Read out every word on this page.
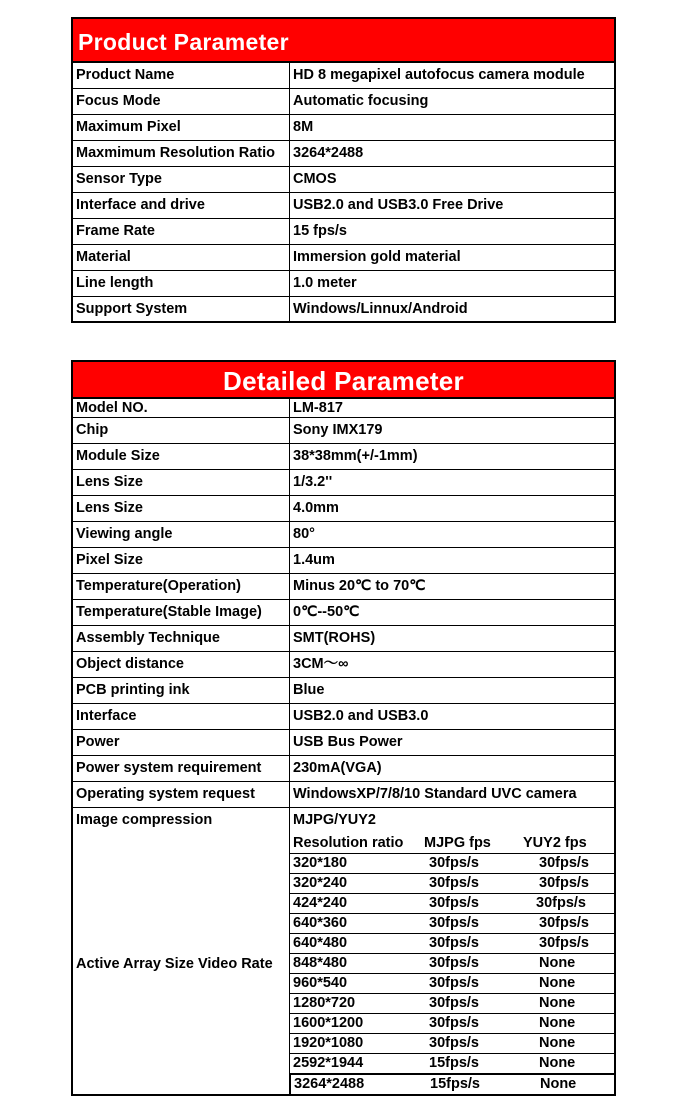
Product Parameter
Product Name	HD 8 megapixel autofocus camera module
Focus Mode	Automatic focusing
Maximum Pixel	8M
Maxmimum Resolution Ratio	3264*2488
Sensor Type	CMOS
Interface and drive	USB2.0 and USB3.0 Free Drive
Frame Rate	15 fps/s
Material	Immersion gold material
Line length	1.0 meter
Support System	Windows/Linnux/Android
Detailed Parameter
Model NO.	LM-817
Chip	Sony IMX179
Module Size	38*38mm(+/-1mm)
Lens Size	1/3.2''
Lens Size	4.0mm
Viewing angle	80°
Pixel Size	1.4um
Temperature(Operation)	Minus 20℃ to 70℃
Temperature(Stable Image)	0℃--50℃
Assembly Technique	SMT(ROHS)
Object distance	3CM～∞
PCB printing ink	Blue
Interface	USB2.0 and USB3.0
Power	USB Bus Power
Power system requirement	230mA(VGA)
Operating system request	WindowsXP/7/8/10 Standard UVC camera
Image compression	MJPG/YUY2
Active Array Size Video Rate
Resolution ratio	MJPG fps	YUY2 fps
320*180	30fps/s	30fps/s
320*240	30fps/s	30fps/s
424*240	30fps/s	30fps/s
640*360	30fps/s	30fps/s
640*480	30fps/s	30fps/s
848*480	30fps/s	None
960*540	30fps/s	None
1280*720	30fps/s	None
1600*1200	30fps/s	None
1920*1080	30fps/s	None
2592*1944	15fps/s	None
3264*2488	15fps/s	None
